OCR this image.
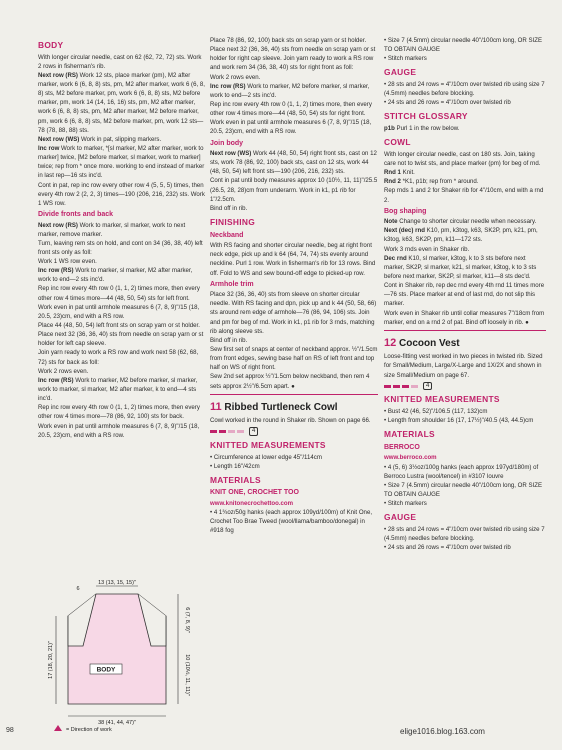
BODY

With longer circular needle, cast on 62 (62, 72, 72) sts. Work 2 rows in fisherman's rib.

Next row (RS) Work 12 sts, place marker (pm), M2 after marker, work 6 (6, 8, 8) sts, pm, M2 after marker, work 6 (6, 8, 8) sts, M2 before marker, pm, work 6 (6, 8, 8) sts, M2 before marker, pm, work 14 (14, 16, 16) sts, pm, M2 after marker, work 6 (6, 8, 8) sts, pm, M2 after marker, M2 before marker, pm, work 6 (6, 8, 8) sts, M2 before marker, pm, work 12 sts—78 (78, 88, 88) sts.

Next row (WS) Work in pat, slipping markers.

Inc row Work to marker, *[sl marker, M2 after marker, work to marker] twice, [M2 before marker, sl marker, work to marker] twice; rep from * once more. working to end instead of marker in last rep—16 sts inc'd.

Cont in pat, rep inc row every other row 4 (5, 5, 5) times, then every 4th row 2 (2, 2, 3) times—190 (206, 216, 232) sts. Work 1 WS row.

Divide fronts and back

Next row (RS) Work to marker, sl marker, work to next marker, remove marker.

Turn, leaving rem sts on hold, and cont on 34 (36, 38, 40) left front sts only as foll:

Work 1 WS row even.

Inc row (RS) Work to marker, sl marker, M2 after marker, work to end—2 sts inc'd.

Rep inc row every 4th row 0 (1, 1, 2) times more, then every other row 4 times more—44 (48, 50, 54) sts for left front.

Work even in pat until armhole measures 6 (7, 8, 9)"/15 (18, 20.5, 23)cm, end with a RS row.

Place 44 (48, 50, 54) left front sts on scrap yarn or st holder. Place next 32 (36, 36, 40) sts from needle on scrap yarn or st holder for left cap sleeve.

Join yarn ready to work a RS row and work next 58 (62, 68, 72) sts for back as foll:

Work 2 rows even.

Inc row (RS) Work to marker, M2 before marker, sl marker, work to marker, sl marker, M2 after marker, k to end—4 sts inc'd.

Rep inc row every 4th row 0 (1, 1, 2) times more, then every other row 4 times more—78 (86, 92, 100) sts for back.

Work even in pat until armhole measures 6 (7, 8, 9)"/15 (18, 20.5, 23)cm, end with a RS row.

BODY
13 (13, 15, 15)"
6
38 (41, 44, 47)"
17 (18, 20, 21)"
6 (7, 8, 9)"
10 (10½, 11, 11)"
= Direction of work

Place 78 (86, 92, 100) back sts on scrap yarn or st holder.

Place next 32 (36, 36, 40) sts from needle on scrap yarn or st holder for right cap sleeve. Join yarn ready to work a RS row and work rem 34 (36, 38, 40) sts for right front as foll:

Work 2 rows even.

Inc row (RS) Work to marker, M2 before marker, sl marker, work to end—2 sts inc'd.

Rep inc row every 4th row 0 (1, 1, 2) times more, then every other row 4 times more—44 (48, 50, 54) sts for right front.

Work even in pat until armhole measures 6 (7, 8, 9)"/15 (18, 20.5, 23)cm, end with a RS row.

Join body

Next row (WS) Work 44 (48, 50, 54) right front sts, cast on 12 sts, work 78 (86, 92, 100) back sts, cast on 12 sts, work 44 (48, 50, 54) left front sts—190 (206, 216, 232) sts.

Cont in pat until body measures approx 10 (10½, 11, 11)"/25.5 (26.5, 28, 28)cm from underarm. Work in k1, p1 rib for 1"/2.5cm.

Bind off in rib.

FINISHING
Neckband

With RS facing and shorter circular needle, beg at right front neck edge, pick up and k 64 (64, 74, 74) sts evenly around neckline. Purl 1 row. Work in fisherman's rib for 13 rows. Bind off. Fold to WS and sew bound-off edge to picked-up row.

Armhole trim

Place 32 (36, 36, 40) sts from sleeve on shorter circular needle. With RS facing and dpn, pick up and k 44 (50, 58, 66) sts around rem edge of armhole—76 (86, 94, 106) sts. Join and pm for beg of rnd. Work in k1, p1 rib for 3 rnds, matching rib along sleeve sts.

Bind off in rib.

Sew first set of snaps at center of neckband approx. ½"/1.5cm from front edges, sewing base half on RS of left front and top half on WS of right front.

Sew 2nd set approx ½"/1.5cm below neckband, then rem 4 sets approx 2½"/6.5cm apart. ●

11 Ribbed Turtleneck Cowl

Cowl worked in the round in Shaker rib. Shown on page 66.

4
KNITTED MEASUREMENTS

• Circumference at lower edge 45"/114cm

• Length 16"/42cm

MATERIALS
KNIT ONE, CROCHET TOO
www.knitonecrochettoo.com

• 4 1¾oz/50g hanks (each approx 109yd/100m) of Knit One, Crochet Too Brae Tweed (wool/llama/bamboo/donegal) in #918 fog

• Size 7 (4.5mm) circular needle 40"/100cm long, OR SIZE TO OBTAIN GAUGE

• Stitch markers

GAUGE

• 28 sts and 24 rows = 4"/10cm over twisted rib using size 7 (4.5mm) needles before blocking.

• 24 sts and 26 rows = 4"/10cm over twisted rib

STITCH GLOSSARY

p1b Purl 1 in the row below.

COWL

With longer circular needle, cast on 180 sts. Join, taking care not to twist sts, and place marker (pm) for beg of rnd.

Rnd 1 Knit.

Rnd 2 *K1, p1b; rep from * around.

Rep rnds 1 and 2 for Shaker rib for 4"/10cm, end with a rnd 2.

Bog shaping

Note Change to shorter circular needle when necessary.

Next (dec) rnd K10, pm, k3tog, k63, SK2P, pm, k21, pm, k3tog, k63, SK2P, pm, k11—172 sts.

Work 3 rnds even in Shaker rib.

Dec rnd K10, sl marker, k3tog, k to 3 sts before next marker, SK2P, sl marker, k21, sl marker, k3tog, k to 3 sts before next marker, SK2P, sl marker, k11—8 sts dec'd.

Cont in Shaker rib, rep dec rnd every 4th rnd 11 times more—76 sts. Place marker at end of last rnd, do not slip this marker.

Work even in Shaker rib until collar measures 7"/18cm from marker, end on a rnd 2 of pat. Bind off loosely in rib. ●

12 Cocoon Vest

Loose-fitting vest worked in two pieces in twisted rib. Sized for Small/Medium, Large/X-Large and 1X/2X and shown in size Small/Medium on page 67.

4
KNITTED MEASUREMENTS

• Bust 42 (46, 52)"/106.5 (117, 132)cm

• Length from shoulder 16 (17, 17½)"/40.5 (43, 44.5)cm

MATERIALS
BERROCO
www.berroco.com

• 4 (5, 6) 3½oz/100g hanks (each approx 197yd/180m) of Berroco Lustra (wool/tencel) in #3107 louvre

• Size 7 (4.5mm) circular needle 40"/100cm long, OR SIZE TO OBTAIN GAUGE

• Stitch markers

GAUGE

• 28 sts and 24 rows = 4"/10cm over twisted rib using size 7 (4.5mm) needles before blocking.

• 24 sts and 26 rows = 4"/10cm over twisted rib

98	elige1016.blog.163.com
